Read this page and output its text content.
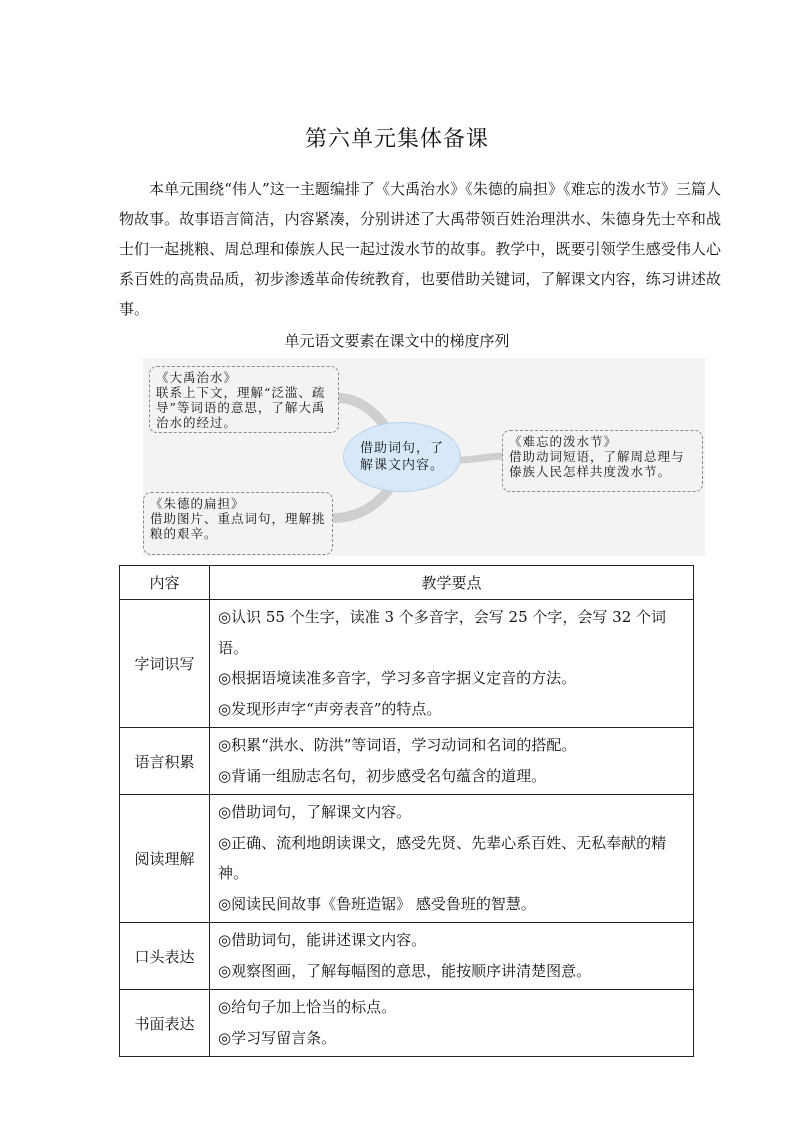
第六单元集体备课
本单元围绕“伟人”这一主题编排了《大禹治水》《朱德的扁担》《难忘的泼水节》三篇人物故事。故事语言简洁，内容紧凑，分别讲述了大禹带领百姓治理洪水、朱德身先士卒和战士们一起挑粮、周总理和傣族人民一起过泼水节的故事。教学中，既要引领学生感受伟人心系百姓的高贵品质，初步渗透革命传统教育，也要借助关键词，了解课文内容，练习讲述故事。
单元语文要素在课文中的梯度序列
《大禹治水》
联系上下文，理解“泛滥、疏导”等词语的意思，了解大禹治水的经过。
《朱德的扁担》
借助图片、重点词句，理解挑粮的艰辛。
《难忘的泼水节》
借助动词短语，了解周总理与傣族人民怎样共度泼水节。
借助词句，了解课文内容。
内容	教学要点
字词识写	◎认识 55 个生字，读准 3 个多音字，会写 25 个字，会写 32 个词语。
◎根据语境读准多音字，学习多音字据义定音的方法。
◎发现形声字“声旁表音”的特点。

语言积累	◎积累“洪水、防洪”等词语，学习动词和名词的搭配。
◎背诵一组励志名句，初步感受名句蕴含的道理。

阅读理解	◎借助词句，了解课文内容。
◎正确、流利地朗读课文，感受先贤、先辈心系百姓、无私奉献的精神。
◎阅读民间故事《鲁班造锯》 感受鲁班的智慧。

口头表达	◎借助词句，能讲述课文内容。
◎观察图画，了解每幅图的意思，能按顺序讲清楚图意。

书面表达	◎给句子加上恰当的标点。
◎学习写留言条。
